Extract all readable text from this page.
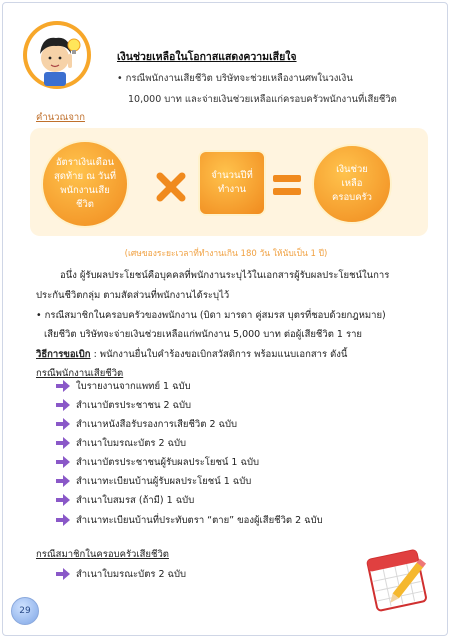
เงินช่วยเหลือในโอกาสแสดงความเสียใจ
• กรณีพนักงานเสียชีวิต บริษัทจะช่วยเหลืองานศพในวงเงิน
10,000 บาท และจ่ายเงินช่วยเหลือแก่ครอบครัวพนักงานที่เสียชีวิต
คำนวณจาก
อัตราเงินเดือนสุดท้าย ณ วันที่พนักงานเสียชีวิต
จำนวนปีที่ทำงาน
เงินช่วยเหลือครอบครัว
(เศษของระยะเวลาที่ทำงานเกิน 180 วัน ให้นับเป็น 1 ปี)
อนึ่ง ผู้รับผลประโยชน์คือบุคคลที่พนักงานระบุไว้ในเอกสารผู้รับผลประโยชน์ในการ
ประกันชีวิตกลุ่ม ตามสัดส่วนที่พนักงานได้ระบุไว้
• กรณีสมาชิกในครอบครัวของพนักงาน (บิดา มารดา คู่สมรส บุตรที่ชอบด้วยกฎหมาย)
เสียชีวิต บริษัทจะจ่ายเงินช่วยเหลือแก่พนักงาน 5,000 บาท ต่อผู้เสียชีวิต 1 ราย
วิธีการขอเบิก : พนักงานยื่นใบคำร้องขอเบิกสวัสดิการ พร้อมแนบเอกสาร ดังนี้
กรณีพนักงานเสียชีวิต
ใบรายงานจากแพทย์ 1 ฉบับ
สำเนาบัตรประชาชน 2 ฉบับ
สำเนาหนังสือรับรองการเสียชีวิต 2 ฉบับ
สำเนาใบมรณะบัตร 2 ฉบับ
สำเนาบัตรประชาชนผู้รับผลประโยชน์ 1 ฉบับ
สำเนาทะเบียนบ้านผู้รับผลประโยชน์ 1 ฉบับ
สำเนาใบสมรส (ถ้ามี) 1 ฉบับ
สำเนาทะเบียนบ้านที่ประทับตรา “ตาย” ของผู้เสียชีวิต 2 ฉบับ
กรณีสมาชิกในครอบครัวเสียชีวิต
สำเนาใบมรณะบัตร 2 ฉบับ
29
